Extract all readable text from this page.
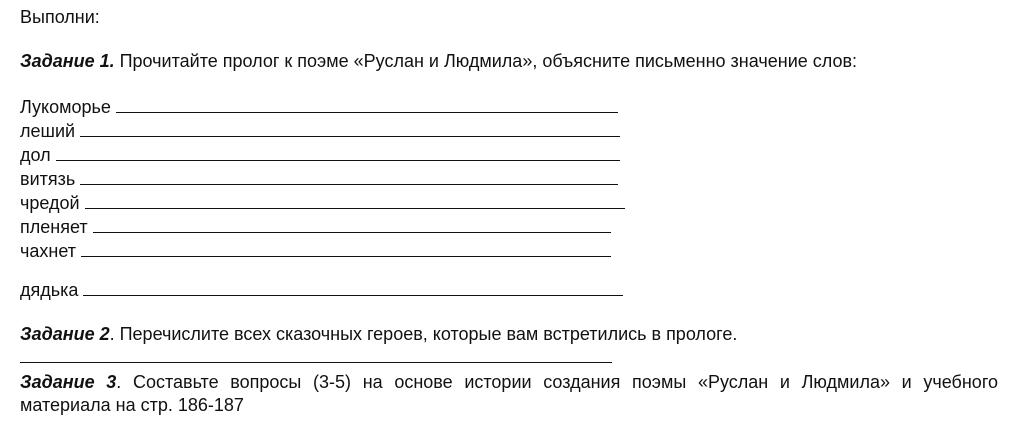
Выполни:
Задание 1. Прочитайте пролог к поэме «Руслан и Людмила», объясните письменно значение слов:
Лукоморье
леший
дол
витязь
чредой
пленяет
чахнет
дядька
Задание 2. Перечислите всех сказочных героев, которые вам встретились в прологе.
Задание 3. Составьте вопросы (3-5) на основе истории создания поэмы «Руслан и Людмила» и учебного материала на стр. 186-187
